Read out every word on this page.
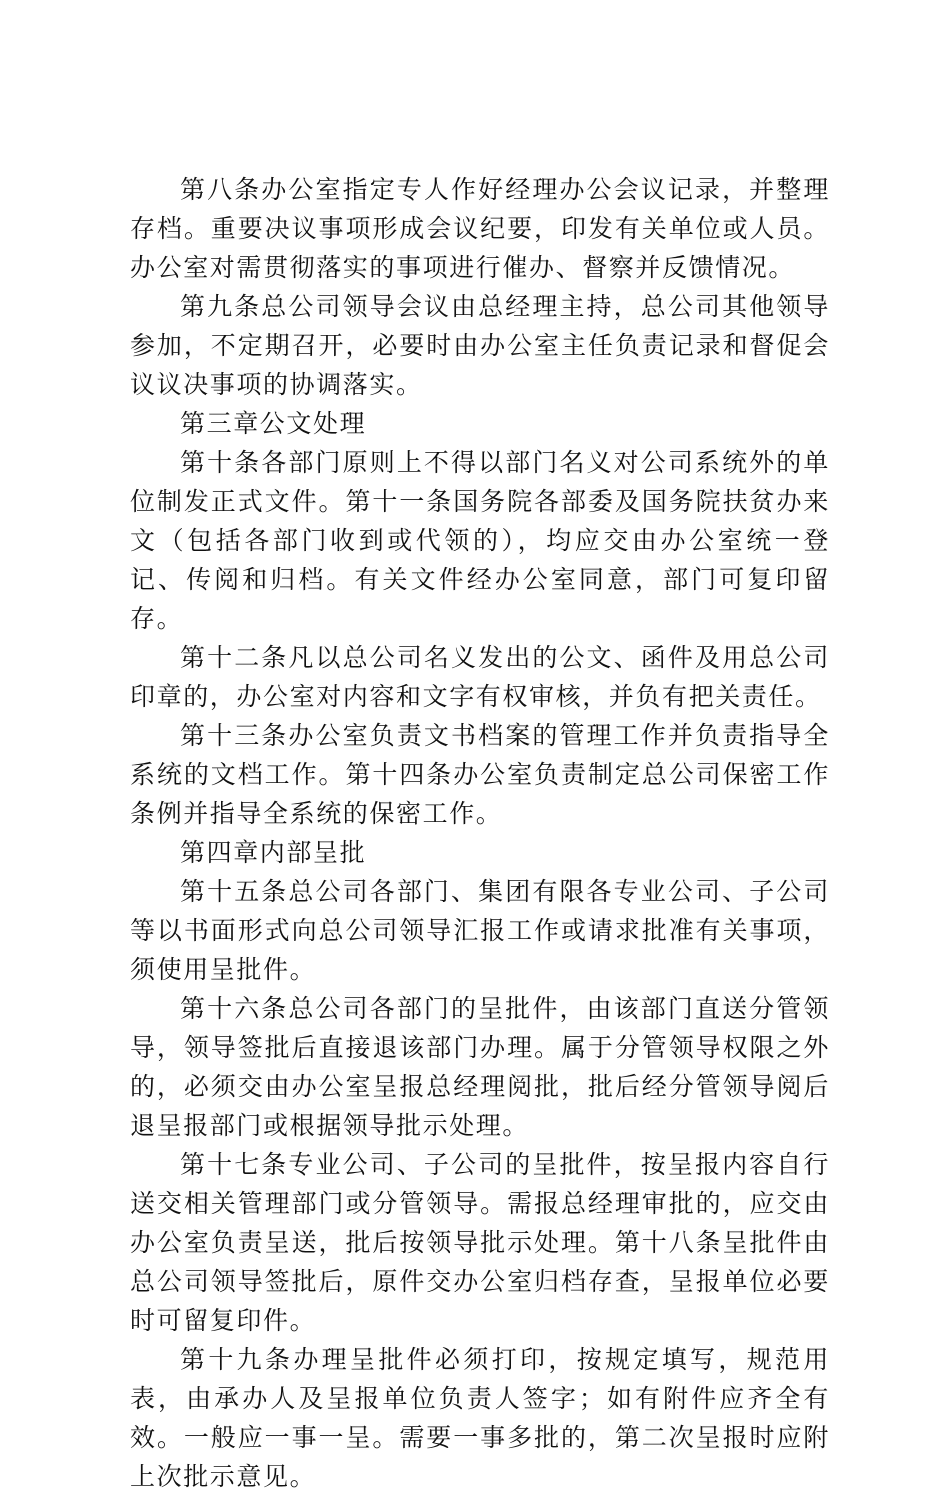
第八条办公室指定专人作好经理办公会议记录，并整理存档。重要决议事项形成会议纪要，印发有关单位或人员。办公室对需贯彻落实的事项进行催办、督察并反馈情况。

第九条总公司领导会议由总经理主持，总公司其他领导参加，不定期召开，必要时由办公室主任负责记录和督促会议议决事项的协调落实。

第三章公文处理

第十条各部门原则上不得以部门名义对公司系统外的单位制发正式文件。第十一条国务院各部委及国务院扶贫办来文（包括各部门收到或代领的），均应交由办公室统一登记、传阅和归档。有关文件经办公室同意，部门可复印留存。

第十二条凡以总公司名义发出的公文、函件及用总公司印章的，办公室对内容和文字有权审核，并负有把关责任。

第十三条办公室负责文书档案的管理工作并负责指导全系统的文档工作。第十四条办公室负责制定总公司保密工作条例并指导全系统的保密工作。

第四章内部呈批

第十五条总公司各部门、集团有限各专业公司、子公司等以书面形式向总公司领导汇报工作或请求批准有关事项，须使用呈批件。

第十六条总公司各部门的呈批件，由该部门直送分管领导，领导签批后直接退该部门办理。属于分管领导权限之外的，必须交由办公室呈报总经理阅批，批后经分管领导阅后退呈报部门或根据领导批示处理。

第十七条专业公司、子公司的呈批件，按呈报内容自行送交相关管理部门或分管领导。需报总经理审批的，应交由办公室负责呈送，批后按领导批示处理。第十八条呈批件由总公司领导签批后，原件交办公室归档存查，呈报单位必要时可留复印件。

第十九条办理呈批件必须打印，按规定填写，规范用表，由承办人及呈报单位负责人签字；如有附件应齐全有效。一般应一事一呈。需要一事多批的，第二次呈报时应附上次批示意见。
